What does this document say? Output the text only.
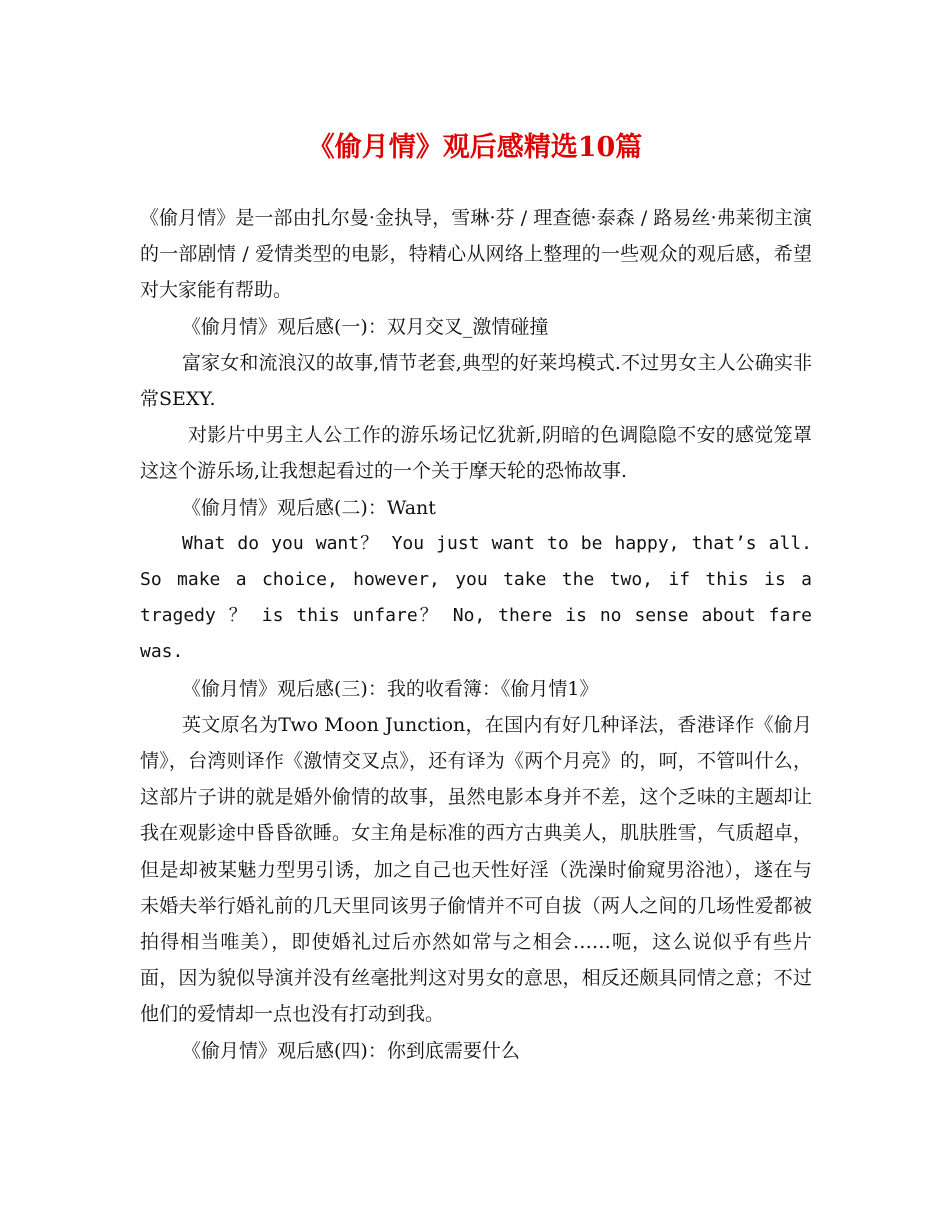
《偷月情》观后感精选10篇

《偷月情》是一部由扎尔曼·金执导，雪琳·芬 / 理查德·泰森 / 路易丝·弗莱彻主演的一部剧情 / 爱情类型的电影，特精心从网络上整理的一些观众的观后感，希望对大家能有帮助。

《偷月情》观后感(一)：双月交叉_激情碰撞

富家女和流浪汉的故事,情节老套,典型的好莱坞模式.不过男女主人公确实非常SEXY.

对影片中男主人公工作的游乐场记忆犹新,阴暗的色调隐隐不安的感觉笼罩这这个游乐场,让我想起看过的一个关于摩天轮的恐怖故事.

《偷月情》观后感(二)：Want

What do you want？ You just want to be happy, that’s all. So make a choice, however, you take the two, if this is a tragedy ？ is this unfare？ No, there is no sense about fare was.

《偷月情》观后感(三)：我的收看簿：《偷月情1》

英文原名为Two Moon Junction，在国内有好几种译法，香港译作《偷月情》，台湾则译作《激情交叉点》，还有译为《两个月亮》的，呵，不管叫什么，这部片子讲的就是婚外偷情的故事，虽然电影本身并不差，这个乏味的主题却让我在观影途中昏昏欲睡。女主角是标准的西方古典美人，肌肤胜雪，气质超卓，但是却被某魅力型男引诱，加之自己也天性好淫（洗澡时偷窥男浴池），遂在与未婚夫举行婚礼前的几天里同该男子偷情并不可自拔（两人之间的几场性爱都被拍得相当唯美），即使婚礼过后亦然如常与之相会……呃，这么说似乎有些片面，因为貌似导演并没有丝毫批判这对男女的意思，相反还颇具同情之意；不过他们的爱情却一点也没有打动到我。

《偷月情》观后感(四)：你到底需要什么
